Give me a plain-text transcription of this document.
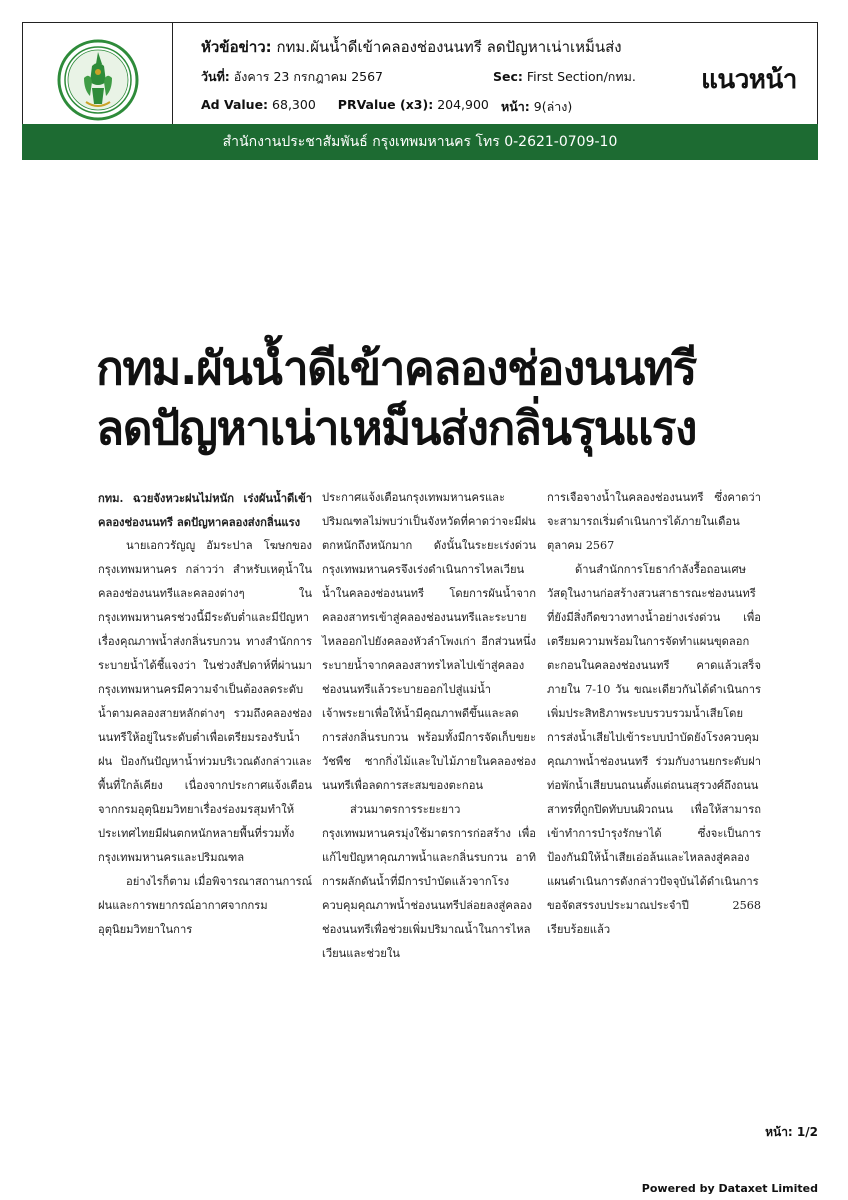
หัวข้อข่าว: กทม.ผันน้ำดีเข้าคลองช่องนนทรี ลดปัญหาเน่าเหม็นส่ง
วันที่: อังคาร 23 กรกฎาคม 2567	Sec: First Section/กทม.
Ad Value: 68,300 PRValue (x3): 204,900 หน้า: 9(ล่าง)
แนวหน้า
สำนักงานประชาสัมพันธ์ กรุงเทพมหานคร โทร 0-2621-0709-10
กทม.ผันน้ำดีเข้าคลองช่องนนทรี
ลดปัญหาเน่าเหม็นส่งกลิ่นรุนแรง

กทม. ฉวยจังหวะฝนไม่หนัก เร่งผันน้ำดีเข้าคลองช่องนนทรี ลดปัญหาคลองส่งกลิ่นแรง

นายเอกวรัญญู อัมระปาล โฆษกของกรุงเทพมหานคร กล่าวว่า สำหรับเหตุน้ำในคลองช่องนนทรีและคลองต่างๆ ในกรุงเทพมหานครช่วงนี้มีระดับต่ำและมีปัญหาเรื่องคุณภาพน้ำส่งกลิ่นรบกวน ทางสำนักการระบายน้ำได้ชี้แจงว่า ในช่วงสัปดาห์ที่ผ่านมากรุงเทพมหานครมีความจำเป็นต้องลดระดับน้ำตามคลองสายหลักต่างๆ รวมถึงคลองช่องนนทรีให้อยู่ในระดับต่ำเพื่อเตรียมรองรับน้ำฝน ป้องกันปัญหาน้ำท่วมบริเวณดังกล่าวและพื้นที่ใกล้เคียง เนื่องจากประกาศแจ้งเตือนจากกรมอุตุนิยมวิทยาเรื่องร่องมรสุมทำให้ประเทศไทยมีฝนตกหนักหลายพื้นที่รวมทั้งกรุงเทพมหานครและปริมณฑล

อย่างไรก็ตาม เมื่อพิจารณาสถานการณ์ฝนและการพยากรณ์อากาศจากกรมอุตุนิยมวิทยาในการ

ประกาศแจ้งเตือนกรุงเทพมหานครและปริมณฑลไม่พบว่าเป็นจังหวัดที่คาดว่าจะมีฝนตกหนักถึงหนักมาก ดังนั้นในระยะเร่งด่วนกรุงเทพมหานครจึงเร่งดำเนินการไหลเวียนน้ำในคลองช่องนนทรี โดยการผันน้ำจากคลองสาทรเข้าสู่คลองช่องนนทรีและระบายไหลออกไปยังคลองหัวลำโพงเก่า อีกส่วนหนึ่งระบายน้ำจากคลองสาทรไหลไปเข้าสู่คลองช่องนนทรีแล้วระบายออกไปสู่แม่น้ำเจ้าพระยาเพื่อให้น้ำมีคุณภาพดีขึ้นและลดการส่งกลิ่นรบกวน พร้อมทั้งมีการจัดเก็บขยะ วัชพืช ซากกิ่งไม้และใบไม้ภายในคลองช่องนนทรีเพื่อลดการสะสมของตะกอน

ส่วนมาตรการระยะยาว กรุงเทพมหานครมุ่งใช้มาตรการก่อสร้าง เพื่อแก้ไขปัญหาคุณภาพน้ำและกลิ่นรบกวน อาทิ การผลักดันน้ำที่มีการบำบัดแล้วจากโรงควบคุมคุณภาพน้ำช่องนนทรีปล่อยลงสู่คลองช่องนนทรีเพื่อช่วยเพิ่มปริมาณน้ำในการไหลเวียนและช่วยใน

การเจือจางน้ำในคลองช่องนนทรี ซึ่งคาดว่าจะสามารถเริ่มดำเนินการได้ภายในเดือนตุลาคม 2567

ด้านสำนักการโยธากำลังรื้อถอนเศษวัสดุในงานก่อสร้างสวนสาธารณะช่องนนทรีที่ยังมีสิ่งกีดขวางทางน้ำอย่างเร่งด่วน เพื่อเตรียมความพร้อมในการจัดทำแผนขุดลอกตะกอนในคลองช่องนนทรี คาดแล้วเสร็จภายใน 7-10 วัน ขณะเดียวกันได้ดำเนินการเพิ่มประสิทธิภาพระบบรวบรวมน้ำเสียโดยการส่งน้ำเสียไปเข้าระบบบำบัดยังโรงควบคุมคุณภาพน้ำช่องนนทรี ร่วมกับงานยกระดับฝาท่อพักน้ำเสียบนถนนตั้งแต่ถนนสุรวงศ์ถึงถนนสาทรที่ถูกปิดทับบนผิวถนน เพื่อให้สามารถเข้าทำการบำรุงรักษาได้ ซึ่งจะเป็นการป้องกันมิให้น้ำเสียเอ่อล้นและไหลลงสู่คลอง แผนดำเนินการดังกล่าวปัจจุบันได้ดำเนินการขอจัดสรรงบประมาณประจำปี 2568 เรียบร้อยแล้ว

หน้า: 1/2
Powered by Dataxet Limited
